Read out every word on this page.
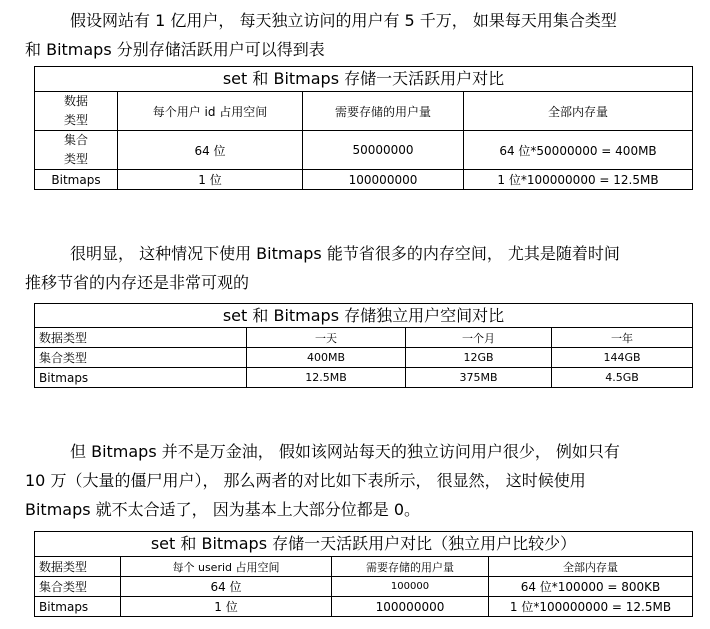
假设网站有 1 亿用户， 每天独立访问的用户有 5 千万， 如果每天用集合类型
和 Bitmaps 分别存储活跃用户可以得到表

set 和 Bitmaps 存储一天活跃用户对比
数据
类型	每个用户 id 占用空间	需要存储的用户量	全部内存量
集合
类型	64 位	50000000	64 位*50000000 = 400MB
Bitmaps	1 位	100000000	1 位*100000000 = 12.5MB

很明显， 这种情况下使用 Bitmaps 能节省很多的内存空间， 尤其是随着时间
推移节省的内存还是非常可观的

set 和 Bitmaps 存储独立用户空间对比
数据类型	一天	一个月	一年
集合类型	400MB	12GB	144GB
Bitmaps	12.5MB	375MB	4.5GB

但 Bitmaps 并不是万金油， 假如该网站每天的独立访问用户很少， 例如只有
10 万（大量的僵尸用户）， 那么两者的对比如下表所示， 很显然， 这时候使用
Bitmaps 就不太合适了， 因为基本上大部分位都是 0。

set 和 Bitmaps 存储一天活跃用户对比（独立用户比较少）
数据类型	每个 userid 占用空间	需要存储的用户量	全部内存量
集合类型	64 位	100000	64 位*100000 = 800KB
Bitmaps	1 位	100000000	1 位*100000000 = 12.5MB
